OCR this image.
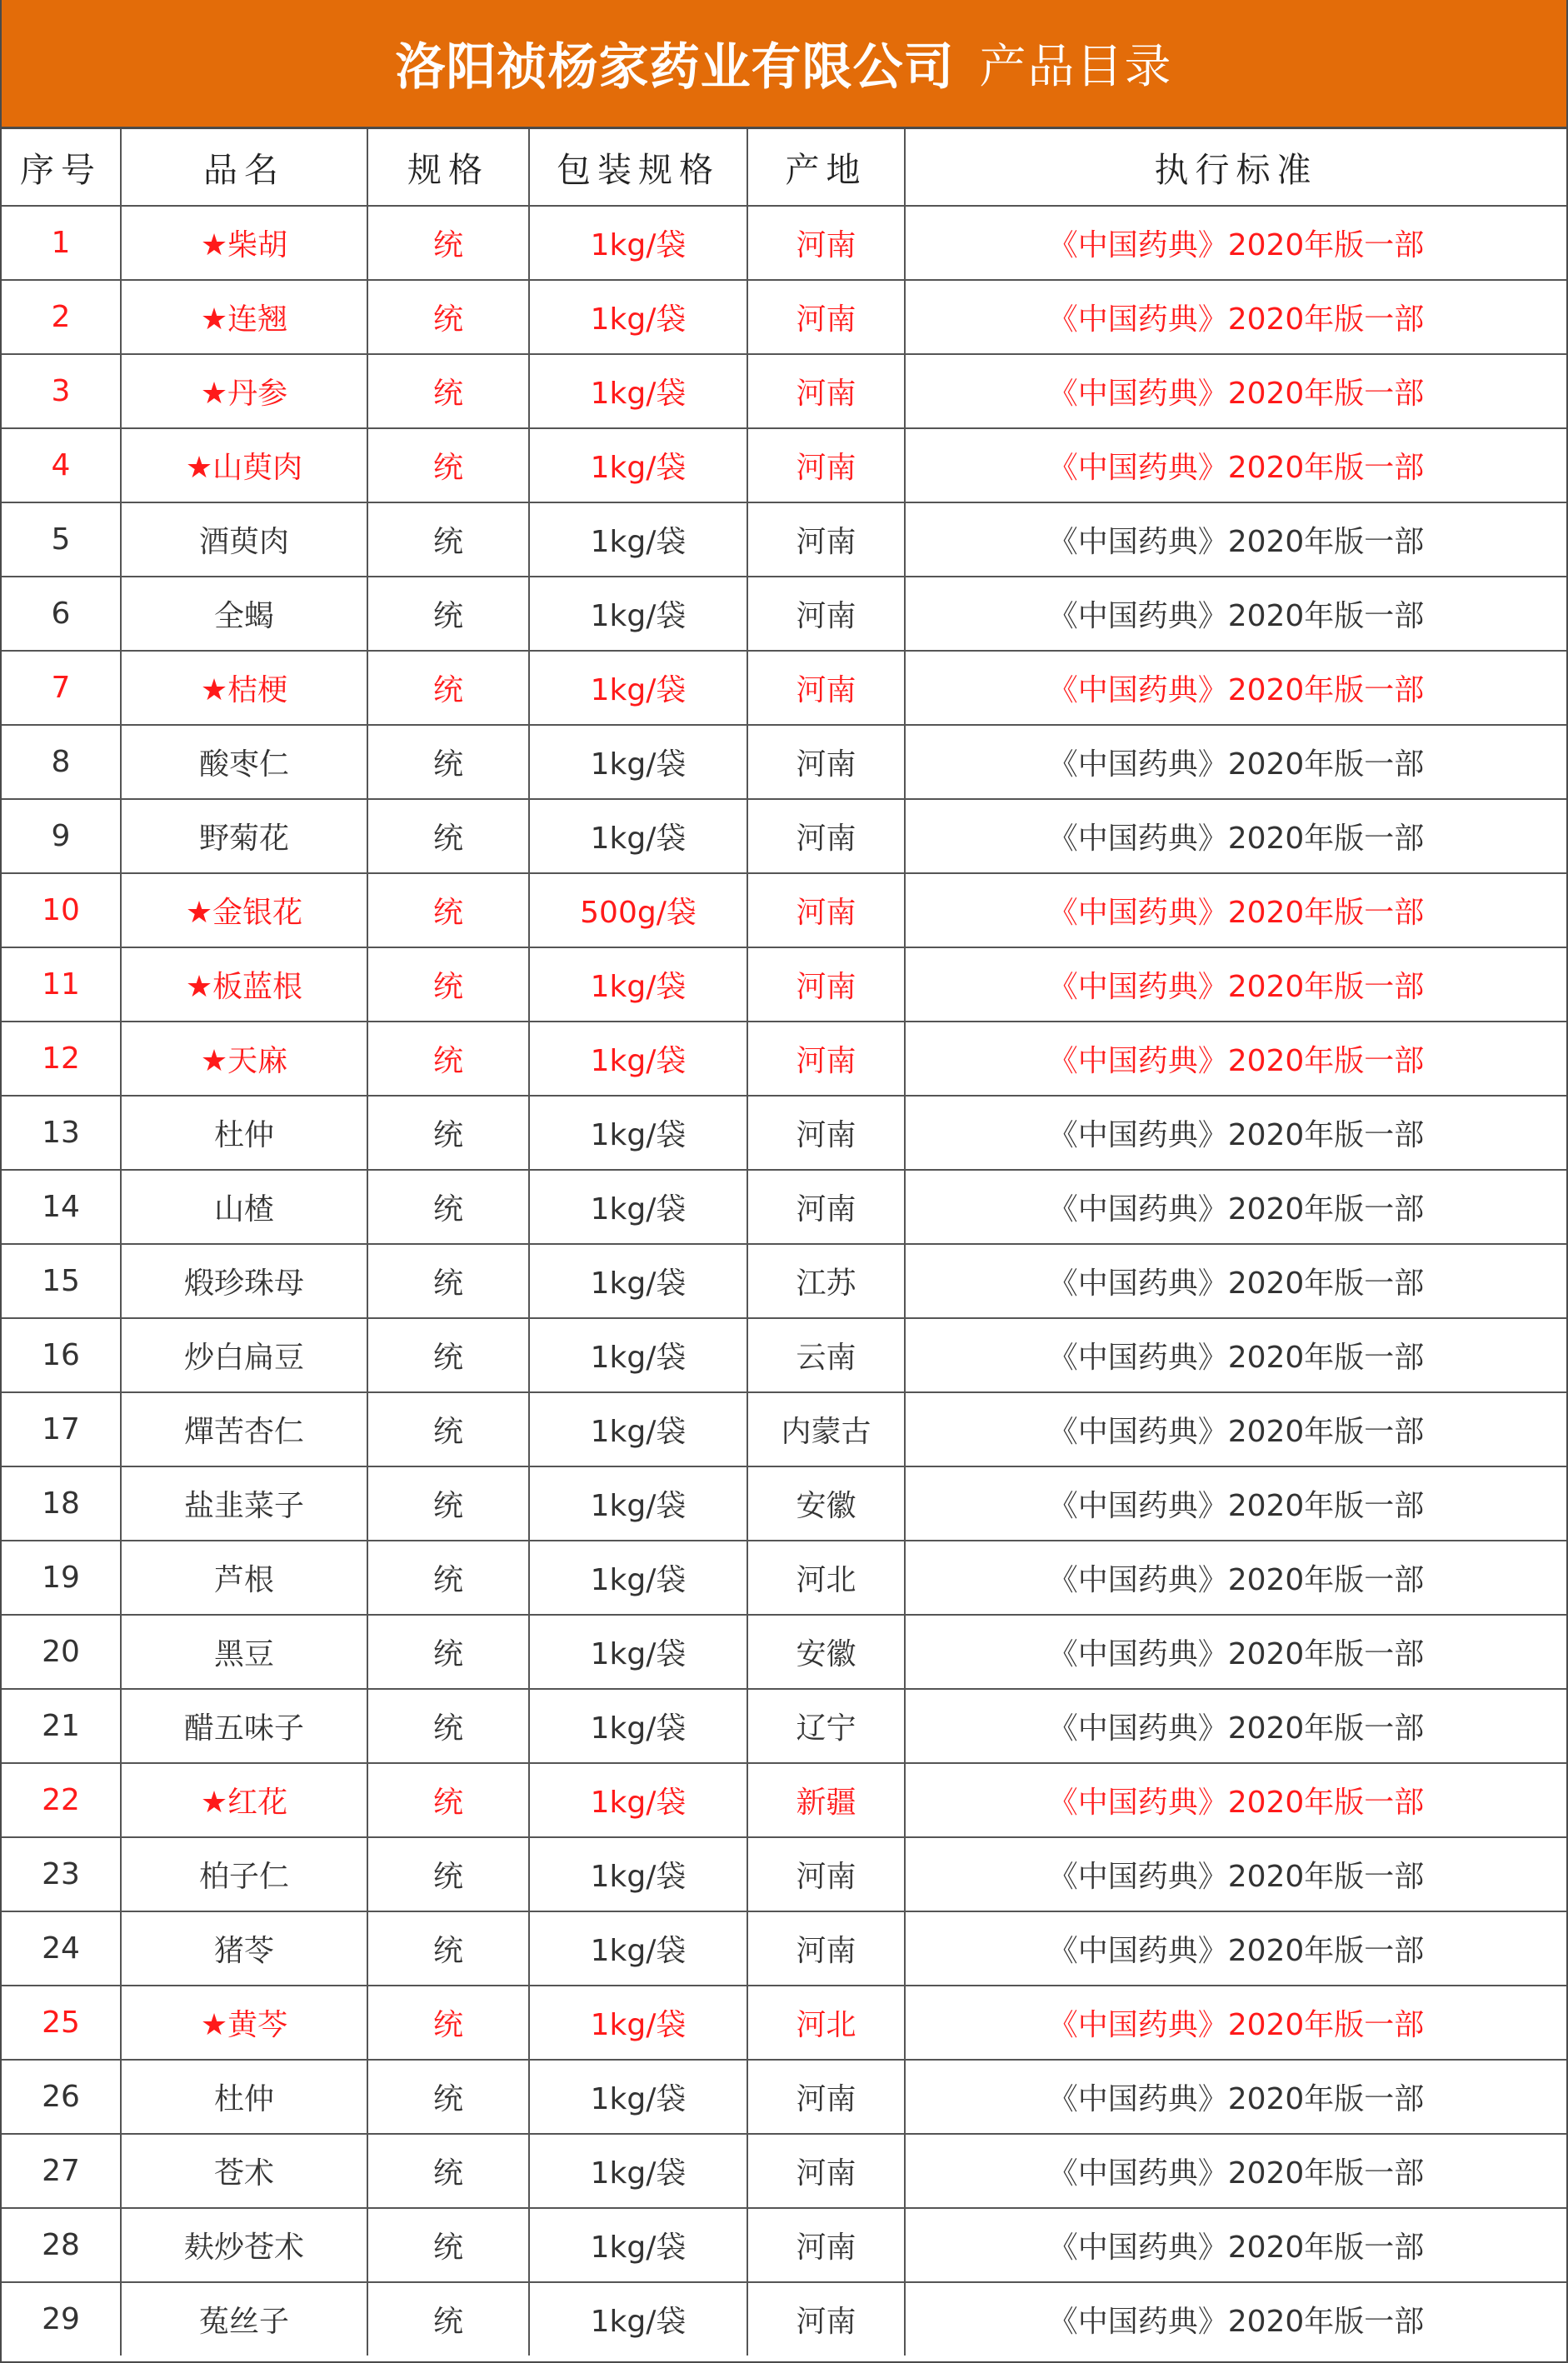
洛阳祯杨家药业有限公司 产品目录
序号	品名	规格	包装规格	产地	执行标准
1	★柴胡	统	1kg/袋	河南	《中国药典》2020年版一部
2	★连翘	统	1kg/袋	河南	《中国药典》2020年版一部
3	★丹参	统	1kg/袋	河南	《中国药典》2020年版一部
4	★山萸肉	统	1kg/袋	河南	《中国药典》2020年版一部
5	酒萸肉	统	1kg/袋	河南	《中国药典》2020年版一部
6	全蝎	统	1kg/袋	河南	《中国药典》2020年版一部
7	★桔梗	统	1kg/袋	河南	《中国药典》2020年版一部
8	酸枣仁	统	1kg/袋	河南	《中国药典》2020年版一部
9	野菊花	统	1kg/袋	河南	《中国药典》2020年版一部
10	★金银花	统	500g/袋	河南	《中国药典》2020年版一部
11	★板蓝根	统	1kg/袋	河南	《中国药典》2020年版一部
12	★天麻	统	1kg/袋	河南	《中国药典》2020年版一部
13	杜仲	统	1kg/袋	河南	《中国药典》2020年版一部
14	山楂	统	1kg/袋	河南	《中国药典》2020年版一部
15	煅珍珠母	统	1kg/袋	江苏	《中国药典》2020年版一部
16	炒白扁豆	统	1kg/袋	云南	《中国药典》2020年版一部
17	燀苦杏仁	统	1kg/袋	内蒙古	《中国药典》2020年版一部
18	盐韭菜子	统	1kg/袋	安徽	《中国药典》2020年版一部
19	芦根	统	1kg/袋	河北	《中国药典》2020年版一部
20	黑豆	统	1kg/袋	安徽	《中国药典》2020年版一部
21	醋五味子	统	1kg/袋	辽宁	《中国药典》2020年版一部
22	★红花	统	1kg/袋	新疆	《中国药典》2020年版一部
23	柏子仁	统	1kg/袋	河南	《中国药典》2020年版一部
24	猪苓	统	1kg/袋	河南	《中国药典》2020年版一部
25	★黄芩	统	1kg/袋	河北	《中国药典》2020年版一部
26	杜仲	统	1kg/袋	河南	《中国药典》2020年版一部
27	苍术	统	1kg/袋	河南	《中国药典》2020年版一部
28	麸炒苍术	统	1kg/袋	河南	《中国药典》2020年版一部
29	菟丝子	统	1kg/袋	河南	《中国药典》2020年版一部
